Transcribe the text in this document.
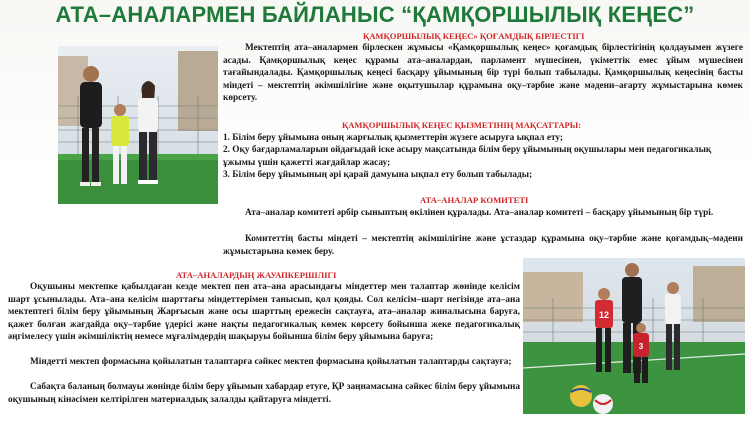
АТА–АНАЛАРМЕН БАЙЛАНЫС “ҚАМҚОРШЫЛЫҚ КЕҢЕС”
ҚАМҚОРШЫЛЫҚ КЕҢЕС» ҚОҒАМДЫҚ БІРЛЕСТІГІ

Мектептің ата–аналармен бірлескен жұмысы «Қамқоршылық кеңес» қоғамдық бірлестігінің қолдауымен жүзеге асады. Қамқоршылық кеңес құрамы ата–аналардан, парламент мүшесінен, үкіметтік емес ұйым мүшесінен тағайындалады. Қамқоршылық кеңесі басқару ұйымының бір түрі болып табылады. Қамқоршылық кеңесінің басты міндеті – мектептің әкімшілігіне және оқытушылар құрамына оқу–тәрбие және мәдени–ағарту жұмыстарына көмек көрсету.

ҚАМҚОРШЫЛЫҚ КЕҢЕС ҚЫЗМЕТІНІҢ МАҚСАТТАРЫ:
1. Білім беру ұйымына оның жарғылық қызметтерін жүзеге асыруға ықпал ету;
2. Оқу бағдарламаларын ойдағыдай іске асыру мақсатында білім беру ұйымының оқушылары мен педагогикалық ұжымы үшін қажетті жағдайлар жасау;
3. Білім беру ұйымының әрі қарай дамуына ықпал ету болып табылады;
АТА–АНАЛАР КОМИТЕТІ

Ата–аналар комитеті әрбір сыныптың өкілінен құралады. Ата–аналар комитеті – басқару ұйымының бір түрі.

Комитеттің басты міндеті – мектептің әкімшілігіне және ұстаздар құрамына оқу–тәрбие және қоғамдық–мәдени жұмыстарына көмек беру.

АТА–АНАЛАРДЫҢ ЖАУАПКЕРШІЛІГІ

Оқушыны мектепке қабылдаған кезде мектеп пен ата–ана арасындағы міндеттер мен талаптар жөнінде келісім шарт ұсынылады. Ата–ана келісім шарттағы міндеттерімен танысып, қол қояды. Сол келісім–шарт негізінде ата–ана мектептегі білім беру ұйымының Жарғысын және осы шарттың ережесін сақтауға, ата–аналар жиналысына баруға, қажет болған жағдайда оқу–тәрбие үдерісі және нақты педагогикалық көмек көрсету бойынша жеке педагогикалық әңгімелесу үшін әкімшіліктің немесе мұғалімдердің шақыруы бойынша білім беру ұйымына баруға;

Міндетті мектеп формасына қойылатын талаптарға сәйкес мектеп формасына қойылатын талаптарды сақтауға;

Сабақта баланың болмауы жөнінде білім беру ұйымын хабардар етуге, ҚР заңнамасына сәйкес білім беру ұйымына оқушының кінәсімен келтірілген материалдық залалды қайтаруға міндетті.

12
3
